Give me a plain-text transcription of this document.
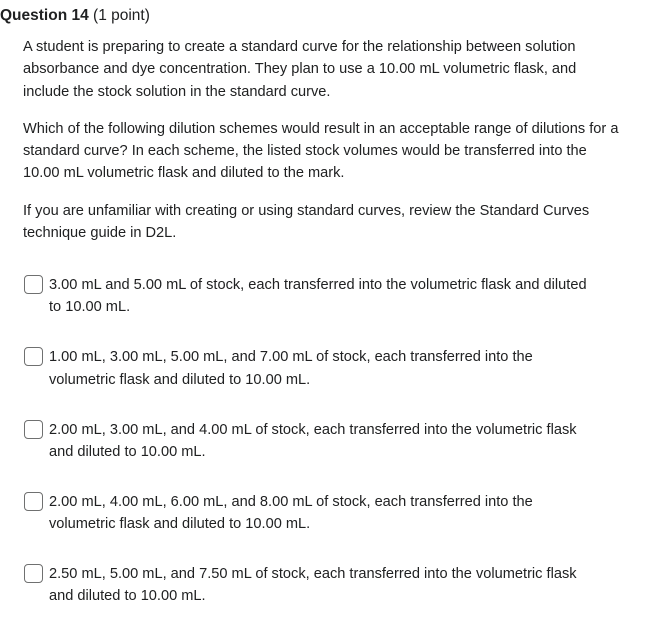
Question 14 (1 point)

A student is preparing to create a standard curve for the relationship between solution absorbance and dye concentration. They plan to use a 10.00 mL volumetric flask, and include the stock solution in the standard curve.

Which of the following dilution schemes would result in an acceptable range of dilutions for a standard curve? In each scheme, the listed stock volumes would be transferred into the 10.00 mL volumetric flask and diluted to the mark.

If you are unfamiliar with creating or using standard curves, review the Standard Curves technique guide in D2L.

3.00 mL and 5.00 mL of stock, each transferred into the volumetric flask and diluted to 10.00 mL.
1.00 mL, 3.00 mL, 5.00 mL, and 7.00 mL of stock, each transferred into the volumetric flask and diluted to 10.00 mL.
2.00 mL, 3.00 mL, and 4.00 mL of stock, each transferred into the volumetric flask and diluted to 10.00 mL.
2.00 mL, 4.00 mL, 6.00 mL, and 8.00 mL of stock, each transferred into the volumetric flask and diluted to 10.00 mL.
2.50 mL, 5.00 mL, and 7.50 mL of stock, each transferred into the volumetric flask and diluted to 10.00 mL.
